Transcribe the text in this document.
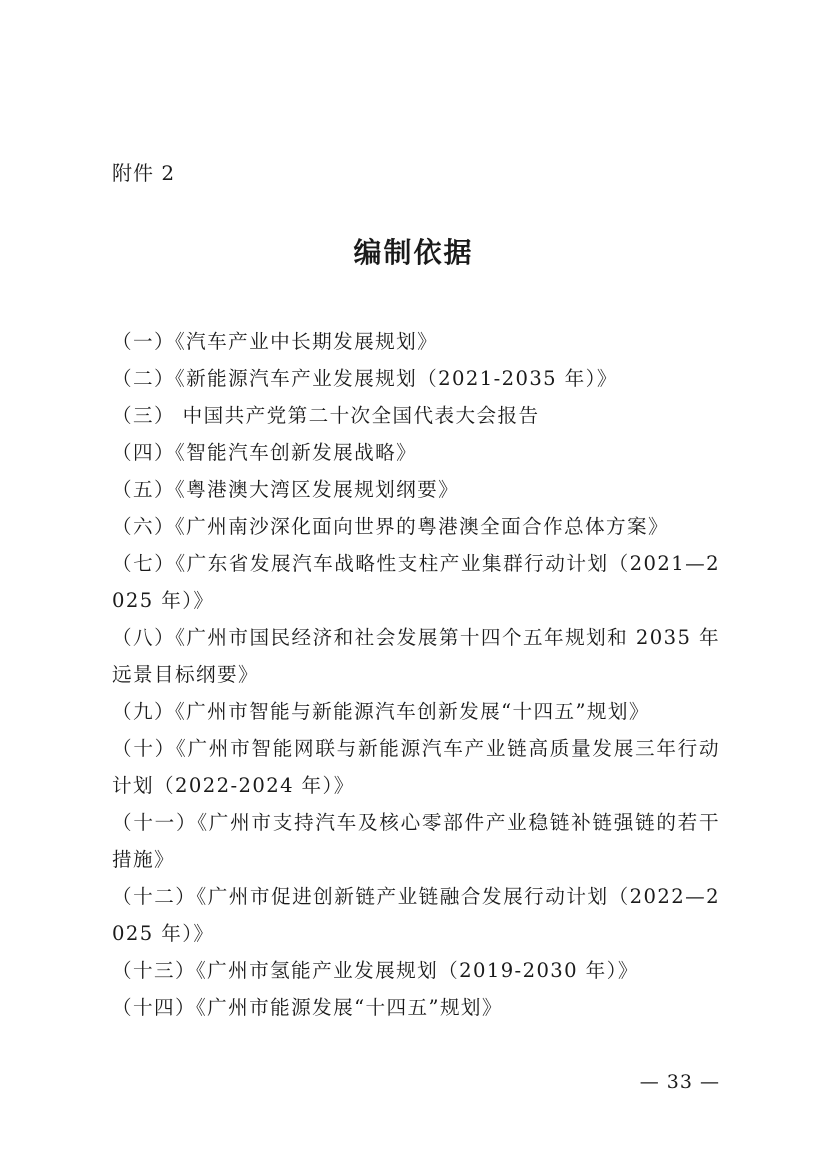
附件 2
编制依据
（一）《汽车产业中长期发展规划》
（二）《新能源汽车产业发展规划（2021-2035 年）》
（三） 中国共产党第二十次全国代表大会报告
（四）《智能汽车创新发展战略》
（五）《粤港澳大湾区发展规划纲要》
（六）《广州南沙深化面向世界的粤港澳全面合作总体方案》
（七）《广东省发展汽车战略性支柱产业集群行动计划（2021—2025 年）》
（八）《广州市国民经济和社会发展第十四个五年规划和 2035 年远景目标纲要》
（九）《广州市智能与新能源汽车创新发展“十四五”规划》
（十）《广州市智能网联与新能源汽车产业链高质量发展三年行动计划（2022-2024 年）》
（十一）《广州市支持汽车及核心零部件产业稳链补链强链的若干措施》
（十二）《广州市促进创新链产业链融合发展行动计划（2022—2025 年）》
（十三）《广州市氢能产业发展规划（2019-2030 年）》
（十四）《广州市能源发展“十四五”规划》
— 33 —
